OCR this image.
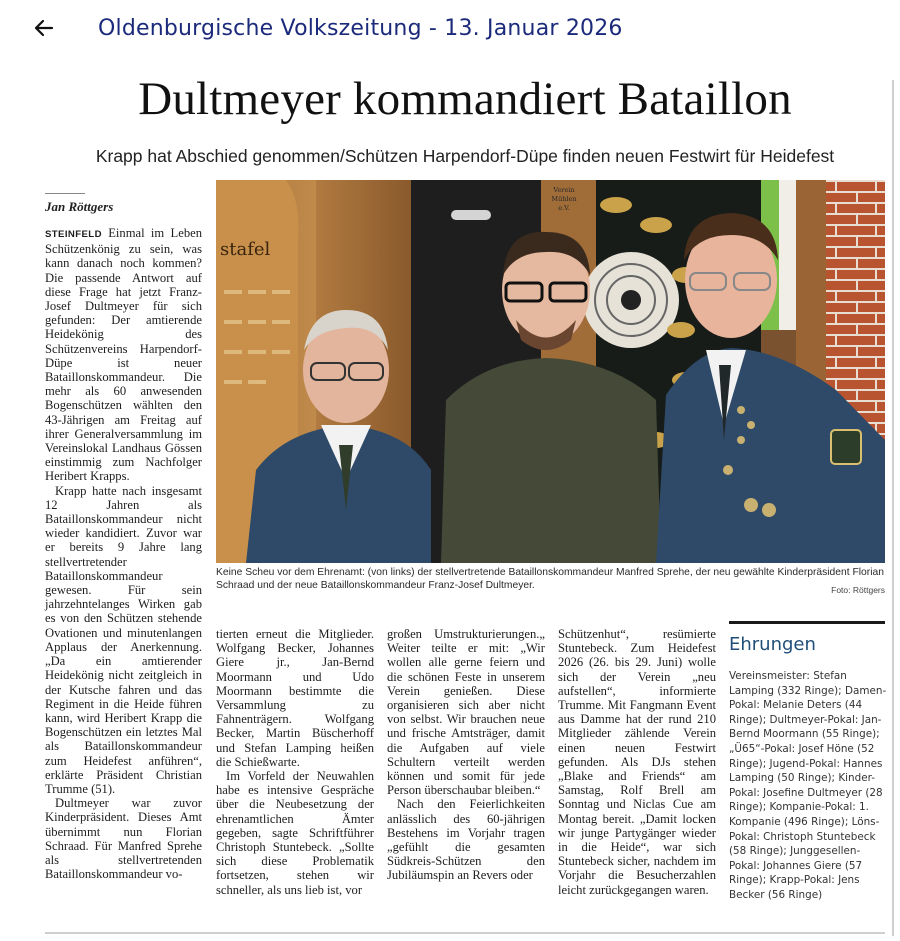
Oldenburgische Volkszeitung - 13. Januar 2026
Dultmeyer kommandiert Bataillon
Krapp hat Abschied genommen/Schützen Harpendorf-Düpe finden neuen Festwirt für Heidefest
Jan Röttgers

STEINFELD Einmal im Leben Schützenkönig zu sein, was kann danach noch kommen? Die passende Antwort auf diese Frage hat jetzt Franz-Josef Dultmeyer für sich gefunden: Der amtierende Heidekönig des Schützenvereins Harpendorf-Düpe ist neuer Bataillonskommandeur. Die mehr als 60 anwesenden Bogenschützen wählten den 43-Jährigen am Freitag auf ihrer Generalversammlung im Vereinslokal Landhaus Gössen einstimmig zum Nachfolger Heribert Krapps.

Krapp hatte nach insgesamt 12 Jahren als Bataillonskommandeur nicht wieder kandidiert. Zuvor war er bereits 9 Jahre lang stellvertretender Bataillonskommandeur gewesen. Für sein jahrzehntelanges Wirken gab es von den Schützen stehende Ovationen und minutenlangen Applaus der Anerkennung. „Da ein amtierender Heidekönig nicht zeitgleich in der Kutsche fahren und das Regiment in die Heide führen kann, wird Heribert Krapp die Bogenschützen ein letztes Mal als Bataillonskommandeur zum Heidefest anführen“, erklärte Präsident Christian Trumme (51).

Dultmeyer war zuvor Kinderpräsident. Dieses Amt übernimmt nun Florian Schraad. Für Manfred Sprehe als stellvertretenden Bataillonskommandeur vo-

stafel
Verein Mühlen e.V.
Keine Scheu vor dem Ehrenamt: (von links) der stellvertretende Bataillonskommandeur Manfred Sprehe, der neu gewählte Kinderpräsident Florian Schraad und der neue Bataillonskommandeur Franz-Josef Dultmeyer.	Foto: Röttgers

tierten erneut die Mitglieder. Wolfgang Becker, Johannes Giere jr., Jan-Bernd Moormann und Udo Moormann bestimmte die Versammlung zu Fahnenträgern. Wolfgang Becker, Martin Büscherhoff und Stefan Lamping heißen die Schießwarte.

Im Vorfeld der Neuwahlen habe es intensive Gespräche über die Neubesetzung der ehrenamtlichen Ämter gegeben, sagte Schriftführer Christoph Stuntebeck. „Sollte sich diese Problematik fortsetzen, stehen wir schneller, als uns lieb ist, vor

großen Umstrukturierungen.„ Weiter teilte er mit: „Wir wollen alle gerne feiern und die schönen Feste in unserem Verein genießen. Diese organisieren sich aber nicht von selbst. Wir brauchen neue und frische Amtsträger, damit die Aufgaben auf viele Schultern verteilt werden können und somit für jede Person überschaubar bleiben.“

Nach den Feierlichkeiten anlässlich des 60-jährigen Bestehens im Vorjahr tragen „gefühlt die gesamten Südkreis-Schützen den Jubiläumspin an Revers oder

Schützenhut“, resümierte Stuntebeck. Zum Heidefest 2026 (26. bis 29. Juni) wolle sich der Verein „neu aufstellen“, informierte Trumme. Mit Fangmann Event aus Damme hat der rund 210 Mitglieder zählende Verein einen neuen Festwirt gefunden. Als DJs stehen „Blake and Friends“ am Samstag, Rolf Brell am Sonntag und Niclas Cue am Montag bereit. „Damit locken wir junge Partygänger wieder in die Heide“, war sich Stuntebeck sicher, nachdem im Vorjahr die Besucherzahlen leicht zurückgegangen waren.

Ehrungen
Vereinsmeister: Stefan Lamping (332 Ringe); Damen-Pokal: Melanie Deters (44 Ringe); Dultmeyer-Pokal: Jan-Bernd Moormann (55 Ringe); „Ü65“-Pokal: Josef Höne (52 Ringe); Jugend-Pokal: Hannes Lamping (50 Ringe); Kinder-Pokal: Josefine Dultmeyer (28 Ringe); Kompanie-Pokal: 1. Kompanie (496 Ringe); Löns-Pokal: Christoph Stuntebeck (58 Ringe); Junggesellen-Pokal: Johannes Giere (57 Ringe); Krapp-Pokal: Jens Becker (56 Ringe)
